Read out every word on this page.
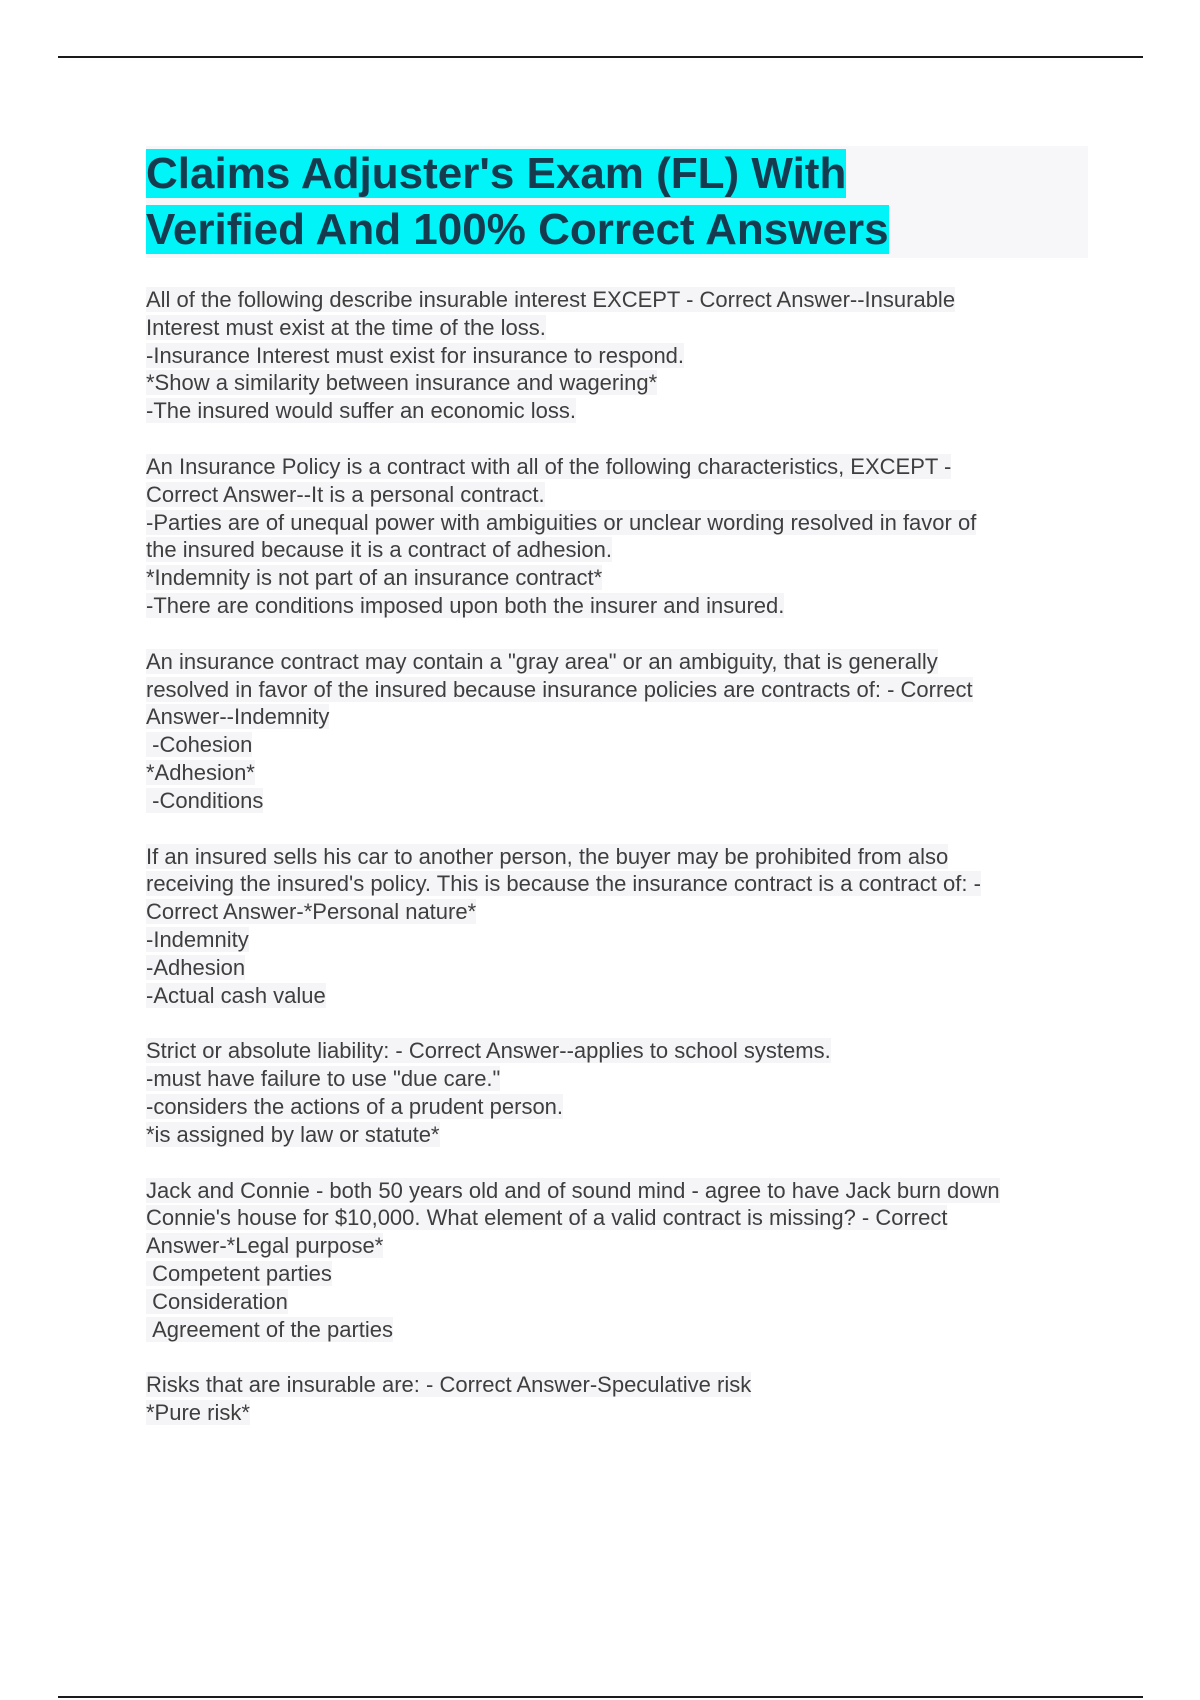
Claims Adjuster's Exam (FL) With
Verified And 100% Correct Answers
All of the following describe insurable interest EXCEPT - Correct Answer--Insurable
Interest must exist at the time of the loss.
-Insurance Interest must exist for insurance to respond.
*Show a similarity between insurance and wagering*
-The insured would suffer an economic loss.
An Insurance Policy is a contract with all of the following characteristics, EXCEPT -
Correct Answer--It is a personal contract.
-Parties are of unequal power with ambiguities or unclear wording resolved in favor of
the insured because it is a contract of adhesion.
*Indemnity is not part of an insurance contract*
-There are conditions imposed upon both the insurer and insured.
An insurance contract may contain a "gray area" or an ambiguity, that is generally
resolved in favor of the insured because insurance policies are contracts of: - Correct
Answer--Indemnity
-Cohesion
*Adhesion*
-Conditions
If an insured sells his car to another person, the buyer may be prohibited from also
receiving the insured's policy. This is because the insurance contract is a contract of: -
Correct Answer-*Personal nature*
-Indemnity
-Adhesion
-Actual cash value
Strict or absolute liability: - Correct Answer--applies to school systems.
-must have failure to use "due care."
-considers the actions of a prudent person.
*is assigned by law or statute*
Jack and Connie - both 50 years old and of sound mind - agree to have Jack burn down
Connie's house for $10,000. What element of a valid contract is missing? - Correct
Answer-*Legal purpose*
Competent parties
Consideration
Agreement of the parties
Risks that are insurable are: - Correct Answer-Speculative risk
*Pure risk*
